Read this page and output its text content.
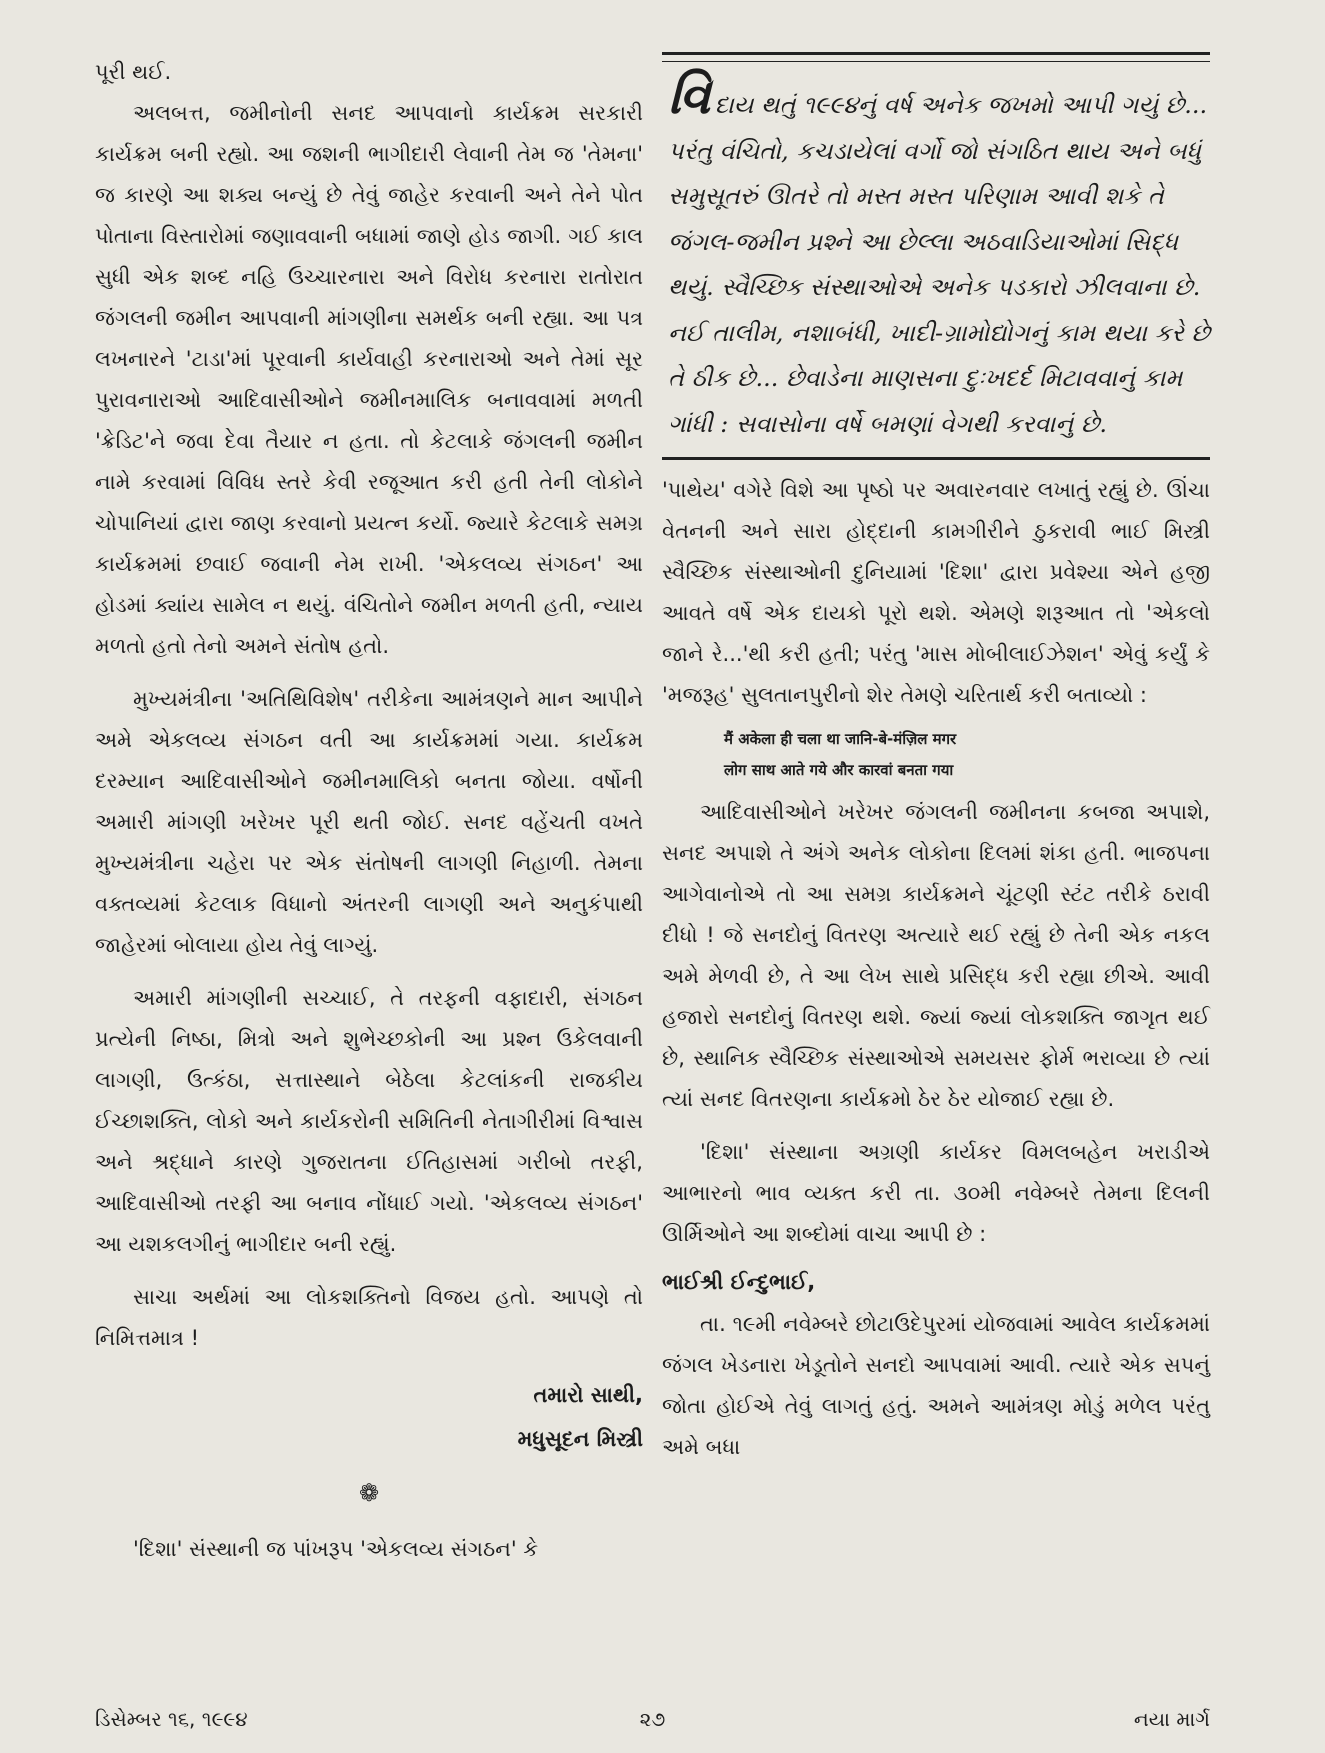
પૂરી થઈ.

અલબત્ત, જમીનોની સનદ આપવાનો કાર્યક્રમ સરકારી કાર્યક્રમ બની રહ્યો. આ જશની ભાગીદારી લેવાની તેમ જ 'તેમના' જ કારણે આ શક્ય બન્યું છે તેવું જાહેર કરવાની અને તેને પોત પોતાના વિસ્તારોમાં જણાવવાની બધામાં જાણે હોડ જાગી. ગઈ કાલ સુધી એક શબ્દ નહિ ઉચ્ચારનારા અને વિરોધ કરનારા રાતોરાત જંગલની જમીન આપવાની માંગણીના સમર્થક બની રહ્યા. આ પત્ર લખનારને 'ટાડા'માં પૂરવાની કાર્યવાહી કરનારાઓ અને તેમાં સૂર પુરાવનારાઓ આદિવાસીઓને જમીનમાલિક બનાવવામાં મળતી 'ક્રેડિટ'ને જવા દેવા તૈયાર ન હતા. તો કેટલાકે જંગલની જમીન નામે કરવામાં વિવિધ સ્તરે કેવી રજૂઆત કરી હતી તેની લોકોને ચોપાનિયાં દ્વારા જાણ કરવાનો પ્રયત્ન કર્યો. જ્યારે કેટલાકે સમગ્ર કાર્યક્રમમાં છવાઈ જવાની નેમ રાખી. 'એકલવ્ય સંગઠન' આ હોડમાં ક્યાંય સામેલ ન થયું. વંચિતોને જમીન મળતી હતી, ન્યાય મળતો હતો તેનો અમને સંતોષ હતો.

મુખ્યમંત્રીના 'અતિથિવિશેષ' તરીકેના આમંત્રણને માન આપીને અમે એકલવ્ય સંગઠન વતી આ કાર્યક્રમમાં ગયા. કાર્યક્રમ દરમ્યાન આદિવાસીઓને જમીનમાલિકો બનતા જોયા. વર્ષોની અમારી માંગણી ખરેખર પૂરી થતી જોઈ. સનદ વહેંચતી વખતે મુખ્યમંત્રીના ચહેરા પર એક સંતોષની લાગણી નિહાળી. તેમના વક્તવ્યમાં કેટલાક વિધાનો અંતરની લાગણી અને અનુકંપાથી જાહેરમાં બોલાયા હોય તેવું લાગ્યું.

અમારી માંગણીની સચ્ચાઈ, તે તરફની વફાદારી, સંગઠન પ્રત્યેની નિષ્ઠા, મિત્રો અને શુભેચ્છકોની આ પ્રશ્ન ઉકેલવાની લાગણી, ઉત્કંઠા, સત્તાસ્થાને બેઠેલા કેટલાંકની રાજકીય ઈચ્છાશક્તિ, લોકો અને કાર્યકરોની સમિતિની નેતાગીરીમાં વિશ્વાસ અને શ્રદ્ધાને કારણે ગુજરાતના ઈતિહાસમાં ગરીબો તરફી, આદિવાસીઓ તરફી આ બનાવ નોંધાઈ ગયો. 'એકલવ્ય સંગઠન' આ યશકલગીનું ભાગીદાર બની રહ્યું.

સાચા અર્થમાં આ લોકશક્તિનો વિજય હતો. આપણે તો નિમિત્તમાત્ર !

તમારો સાથી,
મધુસૂદન મિસ્ત્રી
❁

'દિશા' સંસ્થાની જ પાંખરૂપ 'એકલવ્ય સંગઠન' કે

વિદાય થતું ૧૯૯૪નું વર્ષ અનેક જખમો આપી ગયું છે... પરંતુ વંચિતો, કચડાયેલાં વર્ગો જો સંગઠિત થાય અને બધું સમુસૂતરું ઊતરે તો મસ્ત મસ્ત પરિણામ આવી શકે તે જંગલ-જમીન પ્રશ્ને આ છેલ્લા અઠવાડિયાઓમાં સિદ્ધ થયું. સ્વૈચ્છિક સંસ્થાઓએ અનેક પડકારો ઝીલવાના છે. નઈ તાલીમ, નશાબંધી, ખાદી-ગ્રામોદ્યોગનું કામ થયા કરે છે તે ઠીક છે... છેવાડેના માણસના દુઃખદર્દ મિટાવવાનું કામ ગાંધી : સવાસોના વર્ષે બમણાં વેગથી કરવાનું છે.

'પાથેય' વગેરે વિશે આ પૃષ્ઠો પર અવારનવાર લખાતું રહ્યું છે. ઊંચા વેતનની અને સારા હોદ્દાની કામગીરીને ઠુકરાવી ભાઈ મિસ્ત્રી સ્વૈચ્છિક સંસ્થાઓની દુનિયામાં 'દિશા' દ્વારા પ્રવેશ્યા એને હજી આવતે વર્ષે એક દાયકો પૂરો થશે. એમણે શરૂઆત તો 'એકલો જાને રે...'થી કરી હતી; પરંતુ 'માસ મોબીલાઈઝેશન' એવું કર્યું કે 'મજરૂહ' સુલતાનપુરીનો શેર તેમણે ચરિતાર્થ કરી બતાવ્યો :

मैं अकेला ही चला था जानि-बे-मंज़िल मगर
लोग साथ आते गये और कारवां बनता गया

આદિવાસીઓને ખરેખર જંગલની જમીનના કબજા અપાશે, સનદ અપાશે તે અંગે અનેક લોકોના દિલમાં શંકા હતી. ભાજપના આગેવાનોએ તો આ સમગ્ર કાર્યક્રમને ચૂંટણી સ્ટંટ તરીકે ઠરાવી દીધો ! જે સનદોનું વિતરણ અત્યારે થઈ રહ્યું છે તેની એક નકલ અમે મેળવી છે, તે આ લેખ સાથે પ્રસિદ્ધ કરી રહ્યા છીએ. આવી હજારો સનદોનું વિતરણ થશે. જ્યાં જ્યાં લોકશક્તિ જાગૃત થઈ છે, સ્થાનિક સ્વૈચ્છિક સંસ્થાઓએ સમયસર ફોર્મ ભરાવ્યા છે ત્યાં ત્યાં સનદ વિતરણના કાર્યક્રમો ઠેર ઠેર યોજાઈ રહ્યા છે.

'દિશા' સંસ્થાના અગ્રણી કાર્યકર વિમલબહેન ખરાડીએ આભારનો ભાવ વ્યક્ત કરી તા. ૩૦મી નવેમ્બરે તેમના દિલની ઊર્મિઓને આ શબ્દોમાં વાચા આપી છે :

ભાઈશ્રી ઈન્દુભાઈ,

તા. ૧૯મી નવેમ્બરે છોટાઉદેપુરમાં યોજવામાં આવેલ કાર્યક્રમમાં જંગલ ખેડનારા ખેડૂતોને સનદો આપવામાં આવી. ત્યારે એક સપનું જોતા હોઈએ તેવું લાગતું હતું. અમને આમંત્રણ મોડું મળેલ પરંતુ અમે બધા

ડિસેમ્બર ૧૬, ૧૯૯૪	૨૭	નયા માર્ગ
